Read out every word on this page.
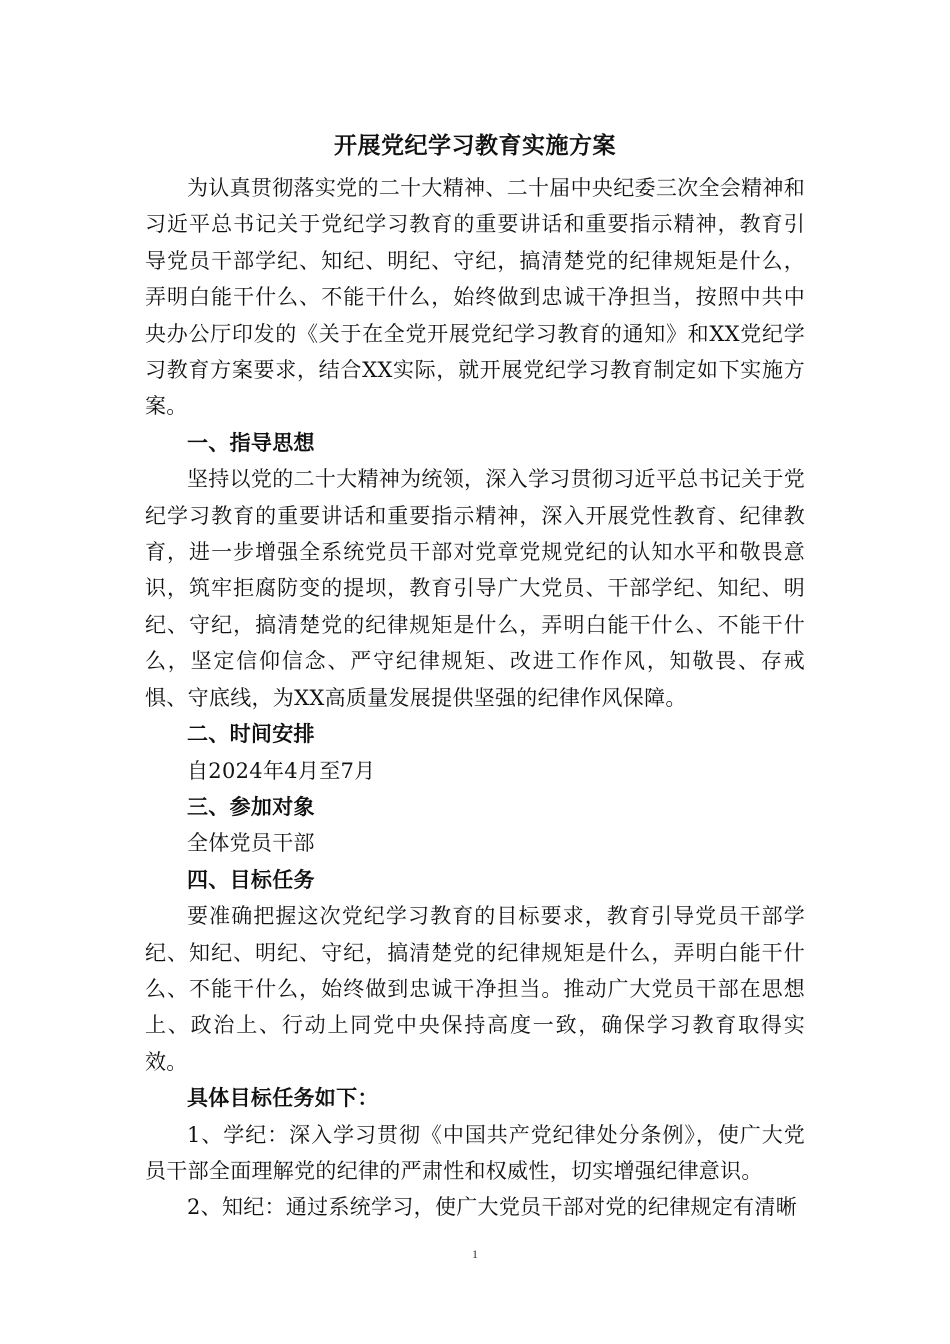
开展党纪学习教育实施方案

为认真贯彻落实党的二十大精神、二十届中央纪委三次全会精神和习近平总书记关于党纪学习教育的重要讲话和重要指示精神，教育引导党员干部学纪、知纪、明纪、守纪，搞清楚党的纪律规矩是什么，弄明白能干什么、不能干什么，始终做到忠诚干净担当，按照中共中央办公厅印发的《关于在全党开展党纪学习教育的通知》和XX党纪学习教育方案要求，结合XX实际，就开展党纪学习教育制定如下实施方案。

一、指导思想

坚持以党的二十大精神为统领，深入学习贯彻习近平总书记关于党纪学习教育的重要讲话和重要指示精神，深入开展党性教育、纪律教育，进一步增强全系统党员干部对党章党规党纪的认知水平和敬畏意识，筑牢拒腐防变的提坝，教育引导广大党员、干部学纪、知纪、明纪、守纪，搞清楚党的纪律规矩是什么，弄明白能干什么、不能干什么，坚定信仰信念、严守纪律规矩、改进工作作风，知敬畏、存戒惧、守底线，为XX高质量发展提供坚强的纪律作风保障。

二、时间安排

自2024年4月至7月

三、参加对象

全体党员干部

四、目标任务

要准确把握这次党纪学习教育的目标要求，教育引导党员干部学纪、知纪、明纪、守纪，搞清楚党的纪律规矩是什么，弄明白能干什么、不能干什么，始终做到忠诚干净担当。推动广大党员干部在思想上、政治上、行动上同党中央保持高度一致，确保学习教育取得实效。

具体目标任务如下：

1、学纪：深入学习贯彻《中国共产党纪律处分条例》，使广大党员干部全面理解党的纪律的严肃性和权威性，切实增强纪律意识。

2、知纪：通过系统学习，使广大党员干部对党的纪律规定有清晰

1
